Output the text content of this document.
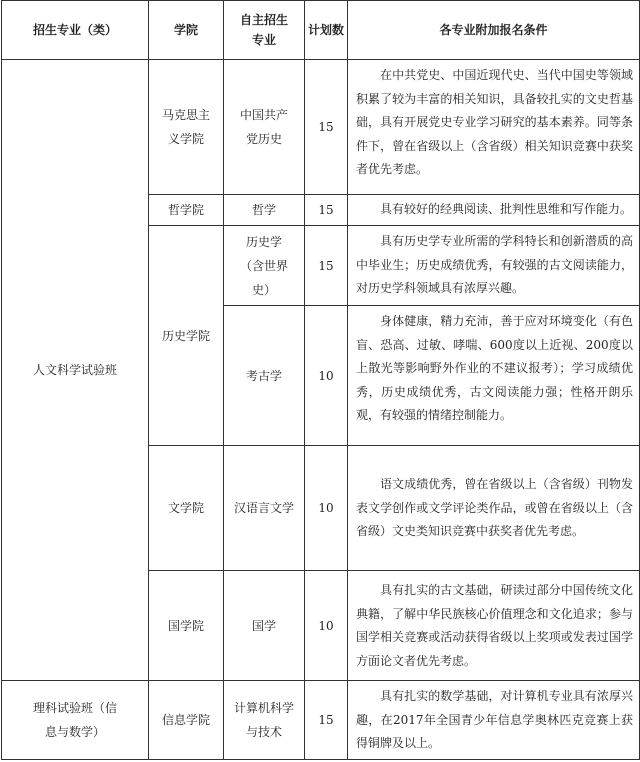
招生专业（类）	学院	自主招生专业	计划数	各专业附加报名条件
人文科学试验班	马克思主义学院	中国共产党历史	15	在中共党史、中国近现代史、当代中国史等领域积累了较为丰富的相关知识，具备较扎实的文史哲基础，具有开展党史专业学习研究的基本素养。同等条件下，曾在省级以上（含省级）相关知识竞赛中获奖者优先考虑。
	哲学院	哲学	15	具有较好的经典阅读、批判性思维和写作能力。
	历史学院	历史学（含世界史）	15	具有历史学专业所需的学科特长和创新潜质的高中毕业生；历史成绩优秀，有较强的古文阅读能力，对历史学科领域具有浓厚兴趣。
		考古学	10	身体健康，精力充沛，善于应对环境变化（有色盲、恐高、过敏、哮喘、600度以上近视、200度以上散光等影响野外作业的不建议报考）；学习成绩优秀，历史成绩优秀，古文阅读能力强；性格开朗乐观，有较强的情绪控制能力。
	文学院	汉语言文学	10	语文成绩优秀，曾在省级以上（含省级）刊物发表文学创作或文学评论类作品，或曾在省级以上（含省级）文史类知识竞赛中获奖者优先考虑。
	国学院	国学	10	具有扎实的古文基础，研读过部分中国传统文化典籍，了解中华民族核心价值理念和文化追求；参与国学相关竞赛或活动获得省级以上奖项或发表过国学方面论文者优先考虑。
理科试验班（信息与数学）	信息学院	计算机科学与技术	15	具有扎实的数学基础，对计算机专业具有浓厚兴趣，在2017年全国青少年信息学奥林匹克竞赛上获得铜牌及以上。
